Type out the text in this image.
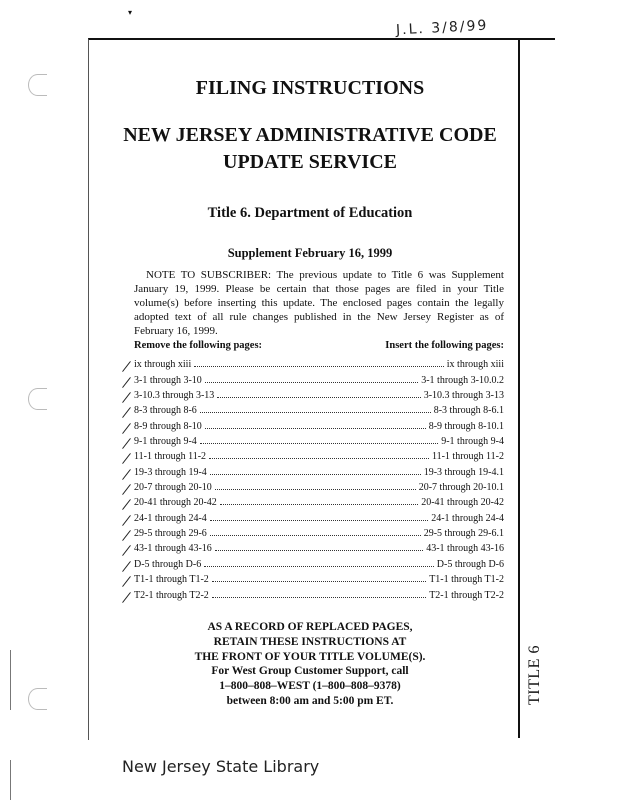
▾
J.L. 3/8/99
TITLE 6
FILING INSTRUCTIONS
NEW JERSEY ADMINISTRATIVE CODE
UPDATE SERVICE
Title 6. Department of Education
Supplement February 16, 1999
NOTE TO SUBSCRIBER: The previous update to Title 6 was Supplement January 19, 1999. Please be certain that those pages are filed in your Title volume(s) before inserting this update. The enclosed pages contain the legally adopted text of all rule changes published in the New Jersey Register as of February 16, 1999.
Remove the following pages:	Insert the following pages:
ix through xiii	ix through xiii
3-1 through 3-10	3-1 through 3-10.0.2
3-10.3 through 3-13	3-10.3 through 3-13
8-3 through 8-6	8-3 through 8-6.1
8-9 through 8-10	8-9 through 8-10.1
9-1 through 9-4	9-1 through 9-4
11-1 through 11-2	11-1 through 11-2
19-3 through 19-4	19-3 through 19-4.1
20-7 through 20-10	20-7 through 20-10.1
20-41 through 20-42	20-41 through 20-42
24-1 through 24-4	24-1 through 24-4
29-5 through 29-6	29-5 through 29-6.1
43-1 through 43-16	43-1 through 43-16
D-5 through D-6	D-5 through D-6
T1-1 through T1-2	T1-1 through T1-2
T2-1 through T2-2	T2-1 through T2-2
AS A RECORD OF REPLACED PAGES,
RETAIN THESE INSTRUCTIONS AT
THE FRONT OF YOUR TITLE VOLUME(S).
For West Group Customer Support, call
1–800–808–WEST (1–800–808–9378)
between 8:00 am and 5:00 pm ET.
New Jersey State Library
